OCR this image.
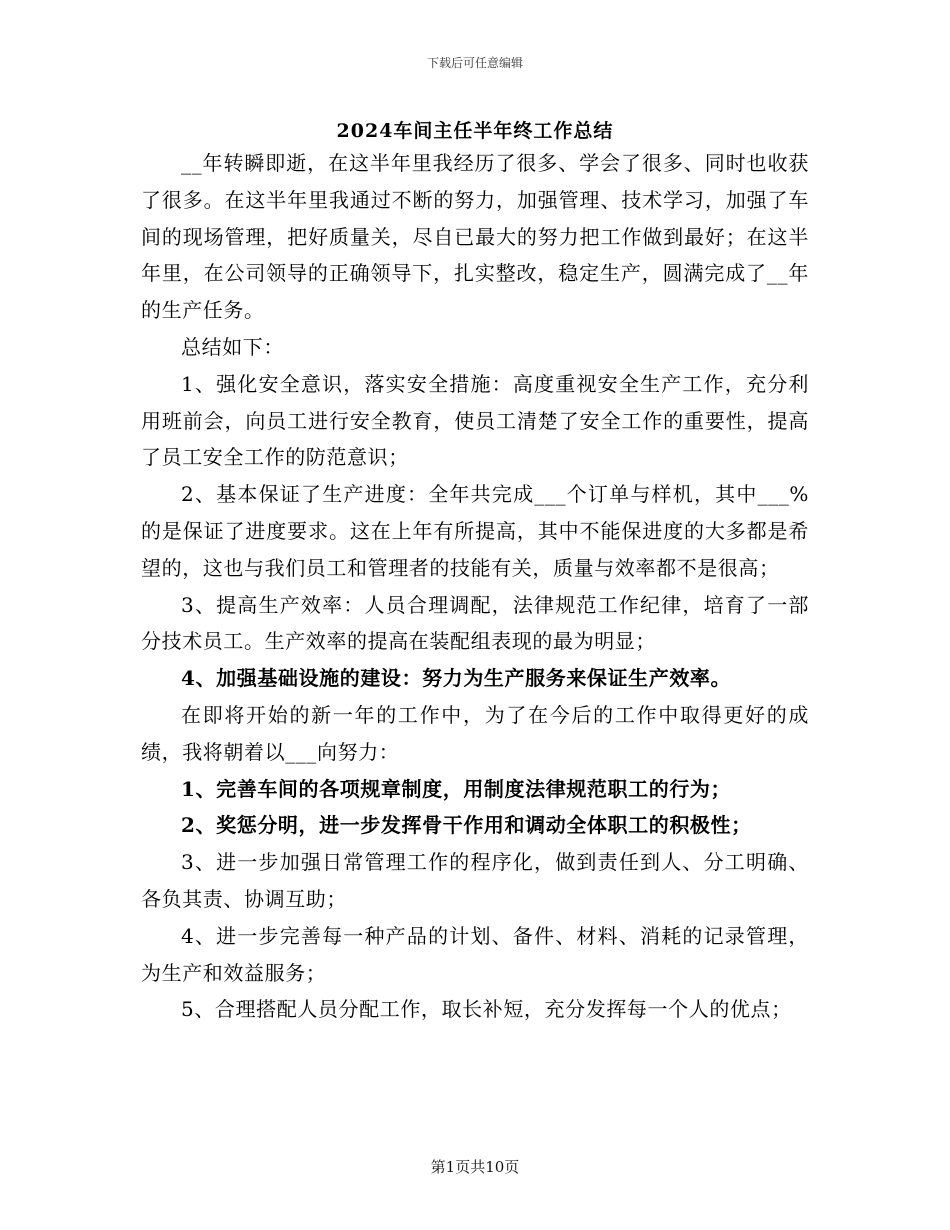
下载后可任意编辑
2024车间主任半年终工作总结

__年转瞬即逝，在这半年里我经历了很多、学会了很多、同时也收获了很多。在这半年里我通过不断的努力，加强管理、技术学习，加强了车间的现场管理，把好质量关，尽自已最大的努力把工作做到最好；在这半年里，在公司领导的正确领导下，扎实整改，稳定生产，圆满完成了__年的生产任务。

总结如下：

1、强化安全意识，落实安全措施：高度重视安全生产工作，充分利用班前会，向员工进行安全教育，使员工清楚了安全工作的重要性，提高了员工安全工作的防范意识；

2、基本保证了生产进度：全年共完成___个订单与样机，其中___%的是保证了进度要求。这在上年有所提高，其中不能保进度的大多都是希望的，这也与我们员工和管理者的技能有关，质量与效率都不是很高；

3、提高生产效率：人员合理调配，法律规范工作纪律，培育了一部分技术员工。生产效率的提高在装配组表现的最为明显；

4、加强基础设施的建设：努力为生产服务来保证生产效率。

在即将开始的新一年的工作中，为了在今后的工作中取得更好的成绩，我将朝着以___向努力：

1、完善车间的各项规章制度，用制度法律规范职工的行为；

2、奖惩分明，进一步发挥骨干作用和调动全体职工的积极性；

3、进一步加强日常管理工作的程序化，做到责任到人、分工明确、各负其责、协调互助；

4、进一步完善每一种产品的计划、备件、材料、消耗的记录管理，为生产和效益服务；

5、合理搭配人员分配工作，取长补短，充分发挥每一个人的优点；

第1页共10页
